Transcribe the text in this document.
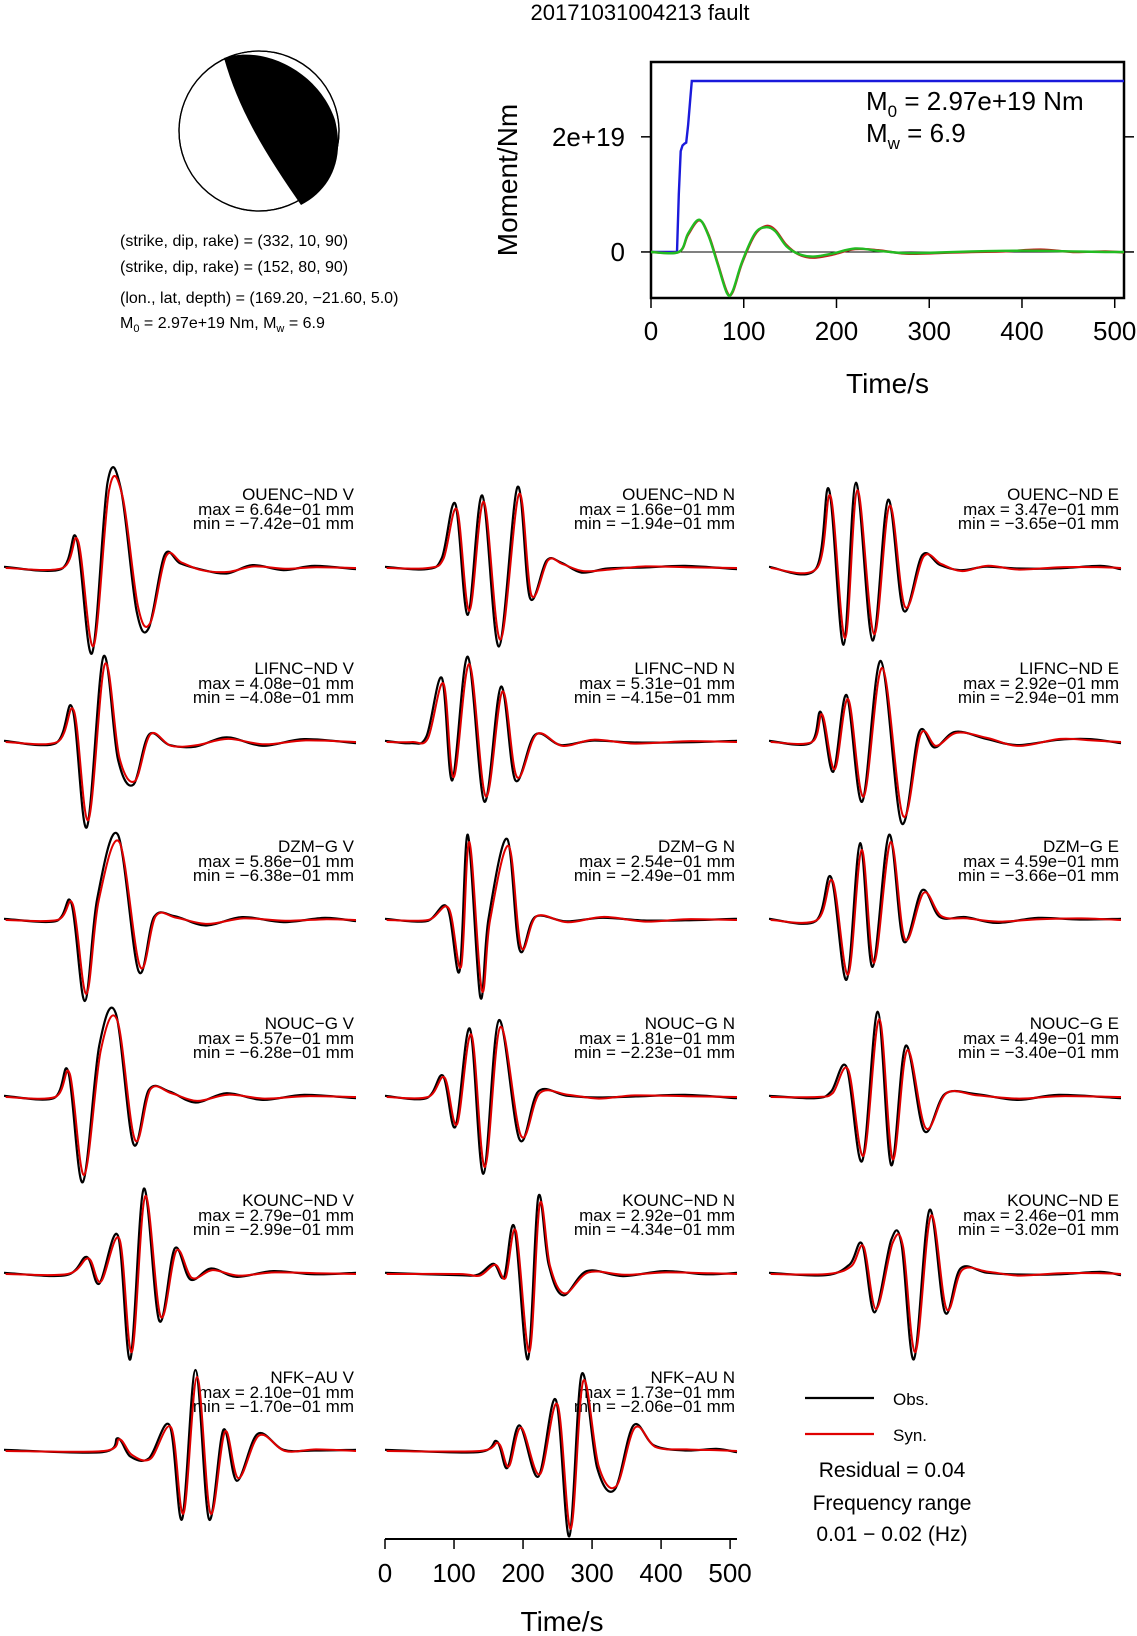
20171031004213 fault
(strike, dip, rake) = (332, 10, 90)
(strike, dip, rake) = (152, 80, 90)
(lon., lat, depth) = (169.20, −21.60, 5.0)
$M_0 = 2.97e+19$ Nm, $M_w = 6.9$
$M_0 = 2.97e+19$ Nm
$M_w = 6.9$
0 100 200 300 400 500
0
2e+19
Time/s
Moment/Nm
OUENC−ND V
max = 6.64e−01 mm
min = −7.42e−01 mm
OUENC−ND N
max = 1.66e−01 mm
min = −1.94e−01 mm
OUENC−ND E
max = 3.47e−01 mm
min = −3.65e−01 mm
LIFNC−ND V
max = 4.08e−01 mm
min = −4.08e−01 mm
LIFNC−ND N
max = 5.31e−01 mm
min = −4.15e−01 mm
LIFNC−ND E
max = 2.92e−01 mm
min = −2.94e−01 mm
DZM−G V
max = 5.86e−01 mm
min = −6.38e−01 mm
DZM−G N
max = 2.54e−01 mm
min = −2.49e−01 mm
DZM−G E
max = 4.59e−01 mm
min = −3.66e−01 mm
NOUC−G V
max = 5.57e−01 mm
min = −6.28e−01 mm
NOUC−G N
max = 1.81e−01 mm
min = −2.23e−01 mm
NOUC−G E
max = 4.49e−01 mm
min = −3.40e−01 mm
KOUNC−ND V
max = 2.79e−01 mm
min = −2.99e−01 mm
KOUNC−ND N
max = 2.92e−01 mm
min = −4.34e−01 mm
KOUNC−ND E
max = 2.46e−01 mm
min = −3.02e−01 mm
NFK−AU V
max = 2.10e−01 mm
min = −1.70e−01 mm
NFK−AU N
max = 1.73e−01 mm
min = −2.06e−01 mm
0 100 200 300 400 500
Time/s
Obs.
Syn.
Residual = 0.04
Frequency range
0.01 − 0.02 (Hz)
